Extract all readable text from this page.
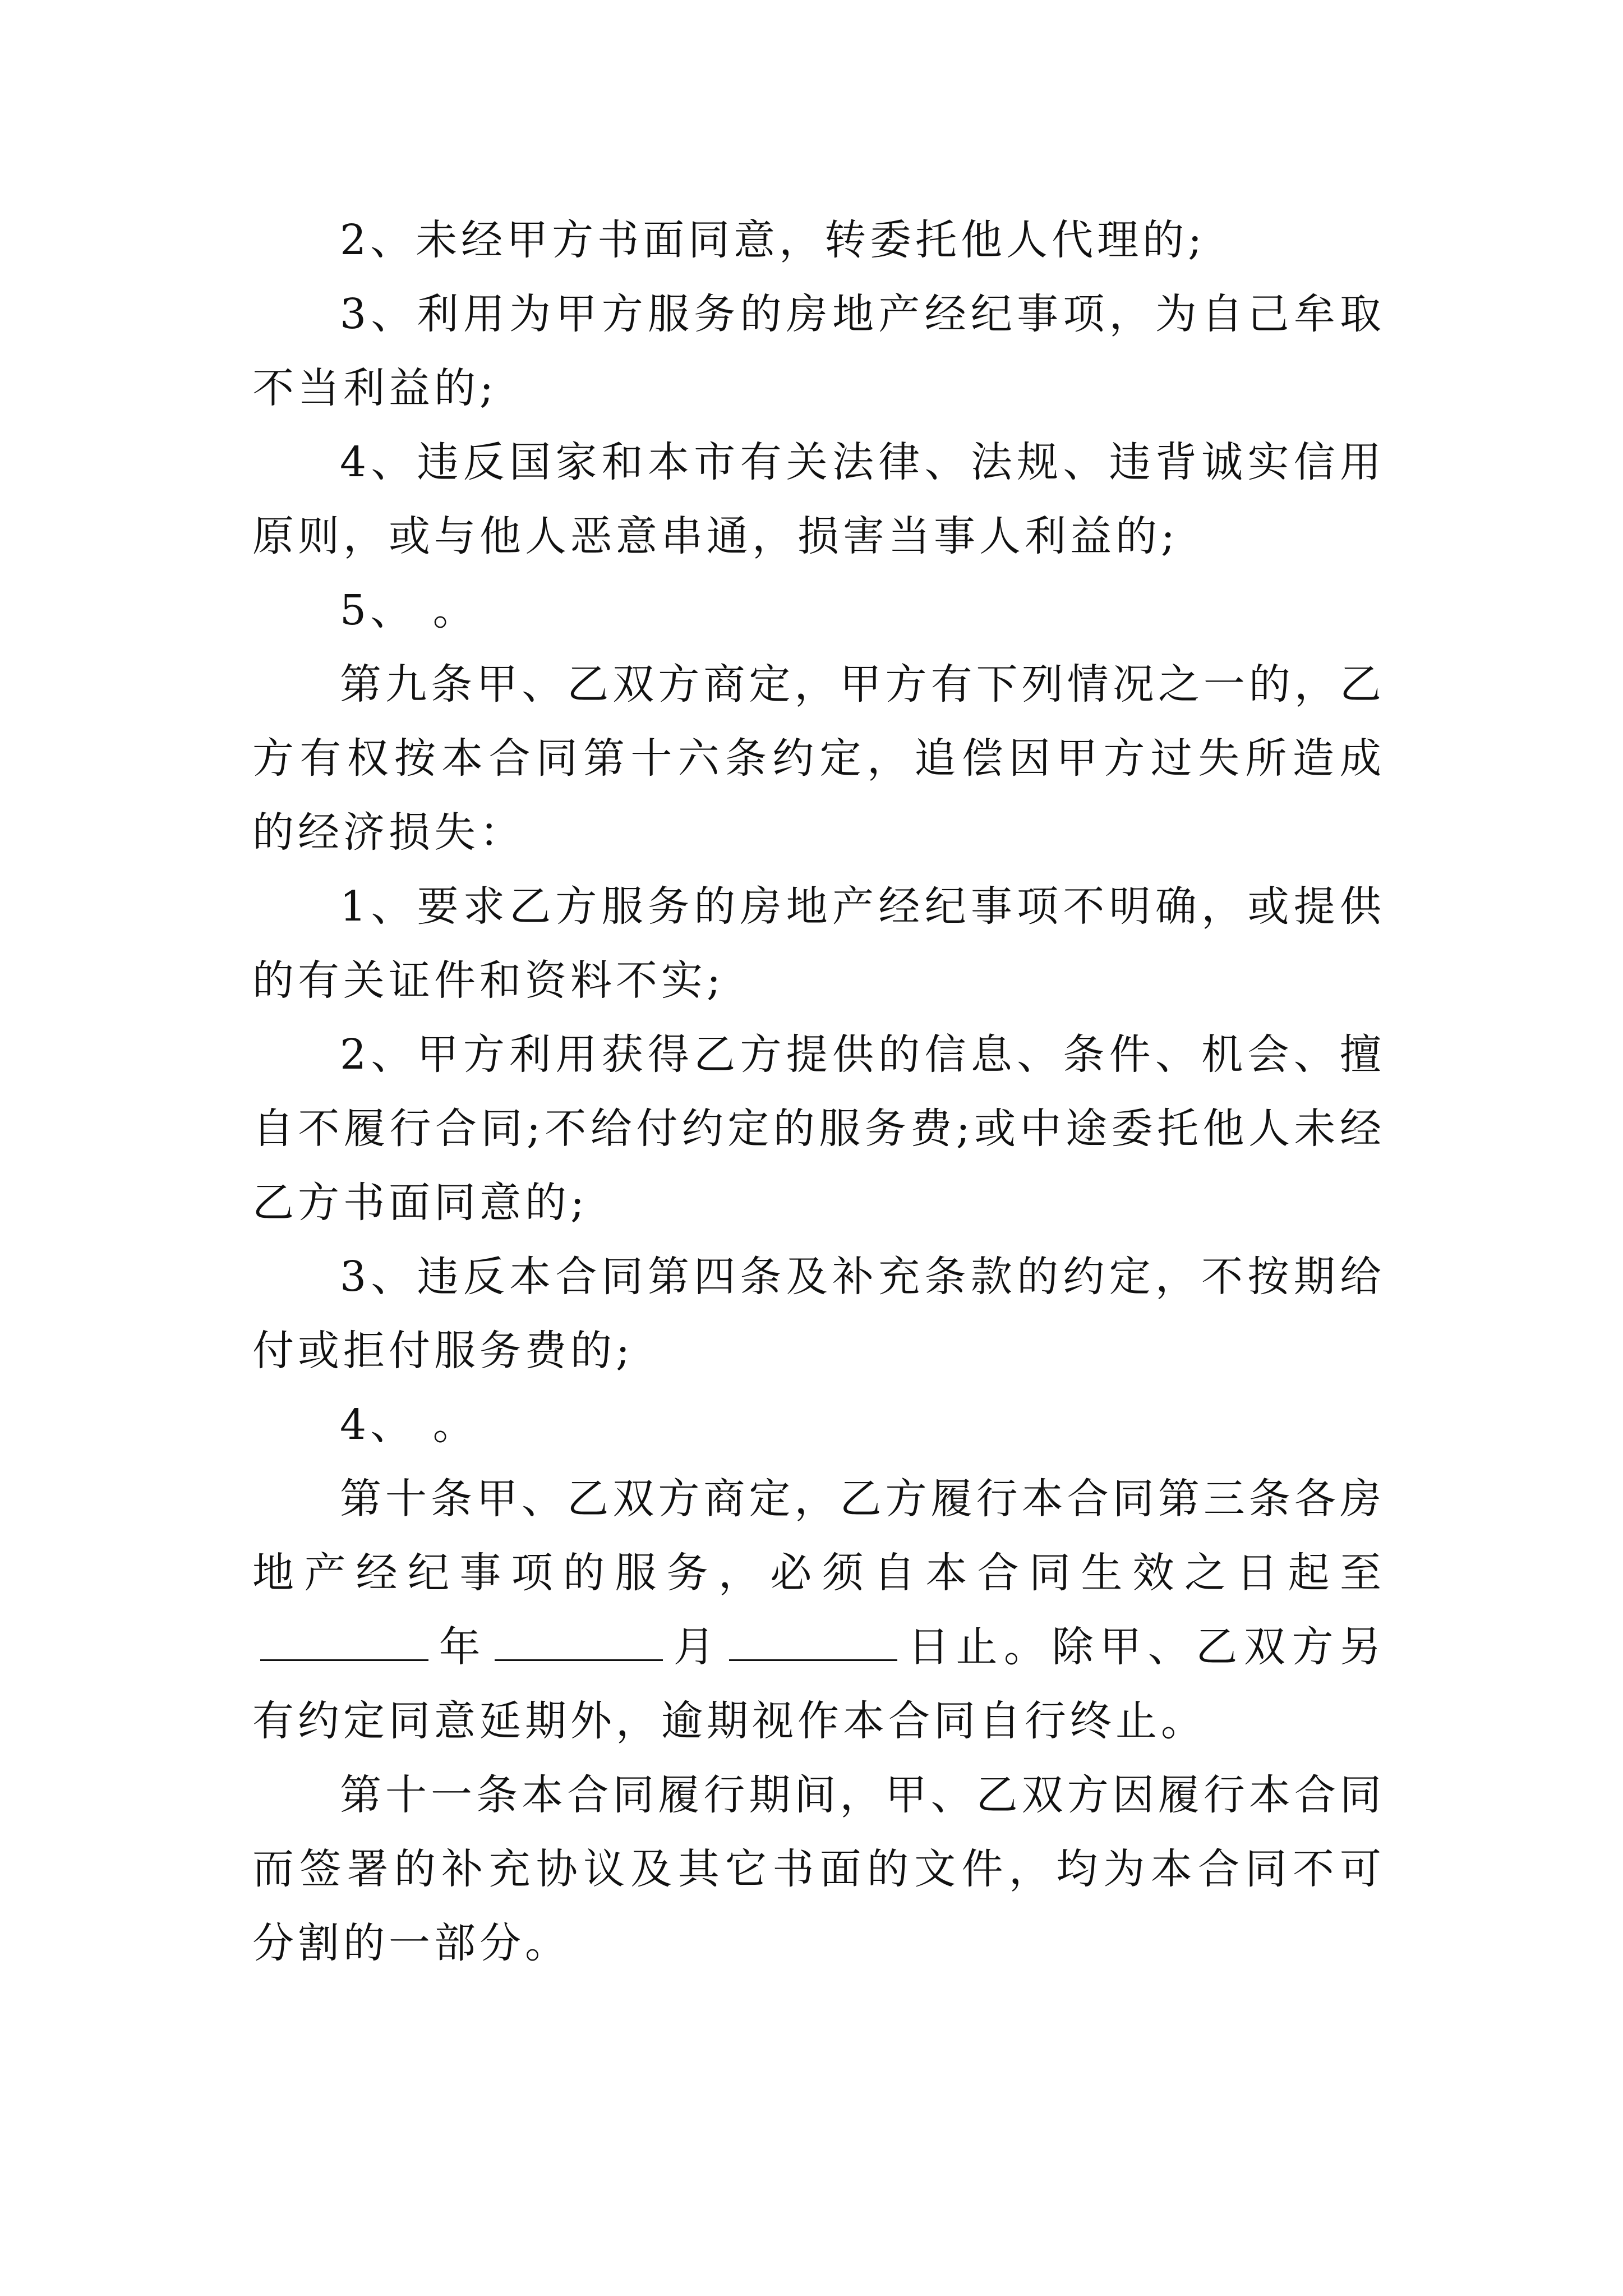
2、未经甲方书面同意，转委托他人代理的;

3、利用为甲方服务的房地产经纪事项，为自己牟取不当利益的;

4、违反国家和本市有关法律、法规、违背诚实信用原则，或与他人恶意串通，损害当事人利益的;

5、 。

第九条甲、乙双方商定，甲方有下列情况之一的，乙方有权按本合同第十六条约定，追偿因甲方过失所造成的经济损失：

1、要求乙方服务的房地产经纪事项不明确，或提供的有关证件和资料不实;

2、甲方利用获得乙方提供的信息、条件、机会、擅自不履行合同;不给付约定的服务费;或中途委托他人未经乙方书面同意的;

3、违反本合同第四条及补充条款的约定，不按期给付或拒付服务费的;

4、 。

第十条甲、乙双方商定，乙方履行本合同第三条各房地产经纪事项的服务，必须自本合同生效之日起至年	月	日止。除甲、乙双方另有约定同意延期外，逾期视作本合同自行终止。

第十一条本合同履行期间，甲、乙双方因履行本合同而签署的补充协议及其它书面的文件，均为本合同不可分割的一部分。
